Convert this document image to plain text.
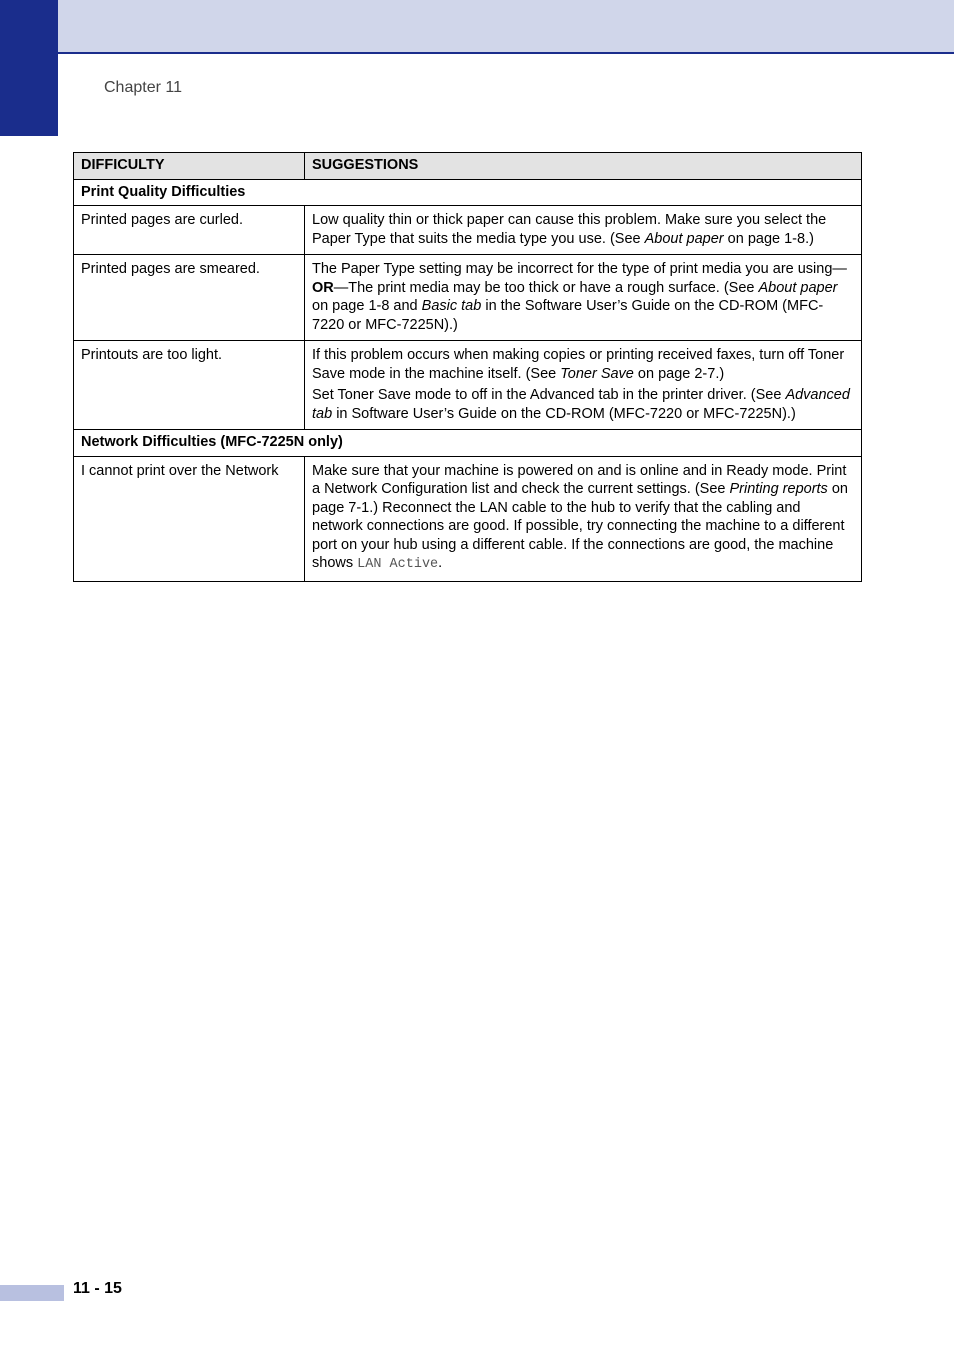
Chapter 11
DIFFICULTY	SUGGESTIONS
Print Quality Difficulties	
Printed pages are curled.	Low quality thin or thick paper can cause this problem. Make sure you select the Paper Type that suits the media type you use. (See About paper on page 1-8.)
Printed pages are smeared.	The Paper Type setting may be incorrect for the type of print media you are using—OR—The print media may be too thick or have a rough surface. (See About paper on page 1-8 and Basic tab in the Software User’s Guide on the CD-ROM (MFC-7220 or MFC-7225N).)
Printouts are too light.	If this problem occurs when making copies or printing received faxes, turn off Toner Save mode in the machine itself. (See Toner Save on page 2-7.)

Set Toner Save mode to off in the Advanced tab in the printer driver. (See Advanced tab in Software User’s Guide on the CD-ROM (MFC-7220 or MFC-7225N).)

Network Difficulties (MFC-7225N only)	
I cannot print over the Network	Make sure that your machine is powered on and is online and in Ready mode. Print a Network Configuration list and check the current settings. (See Printing reports on page 7-1.) Reconnect the LAN cable to the hub to verify that the cabling and network connections are good. If possible, try connecting the machine to a different port on your hub using a different cable. If the connections are good, the machine shows LAN Active.
11 - 15
